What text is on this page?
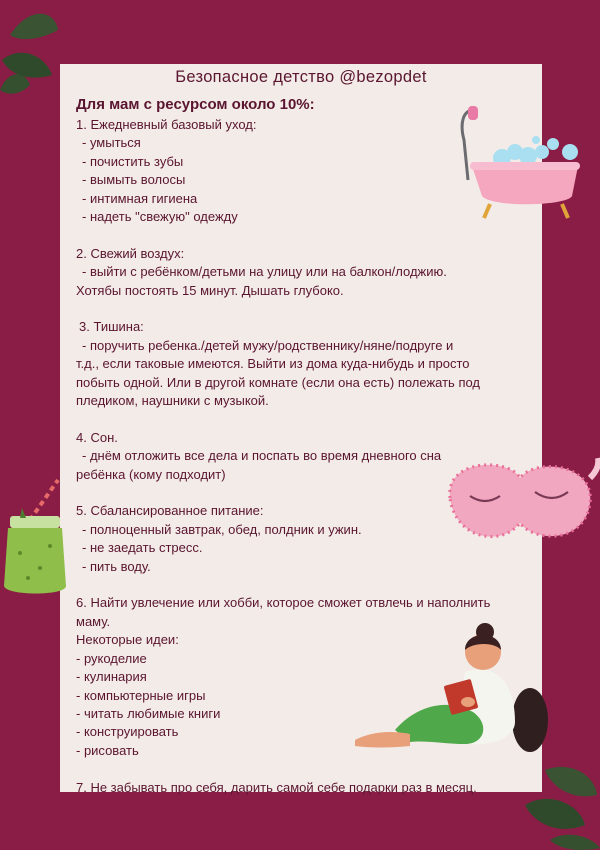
Безопасное детство @bezopdet
Для мам с ресурсом около 10%:

1. Ежедневный базовый уход:

- умыться

- почистить зубы

- вымыть волосы

- интимная гигиена

- надеть "свежую" одежду

2. Свежий воздух:

- выйти с ребёнком/детьми на улицу или на балкон/лоджию.

Хотябы постоять 15 минут. Дышать глубоко.

3. Тишина:

- поручить ребенка./детей мужу/родственнику/няне/подруге и

т.д., если таковые имеются. Выйти из дома куда-нибудь и просто

побыть одной. Или в другой комнате (если она есть) полежать под

пледиком, наушники с музыкой.

4. Сон.

- днём отложить все дела и поспать во время дневного сна

ребёнка (кому подходит)

5. Сбалансированное питание:

- полноценный завтрак, обед, полдник и ужин.

- не заедать стресс.

- пить воду.

6. Найти увлечение или хобби, которое сможет отвлечь и наполнить

маму.

Некоторые идеи:

- рукоделие

- кулинария

- компьютерные игры

- читать любимые книги

- конструировать

- рисовать

7. Не забывать про себя, дарить самой себе подарки раз в месяц.
